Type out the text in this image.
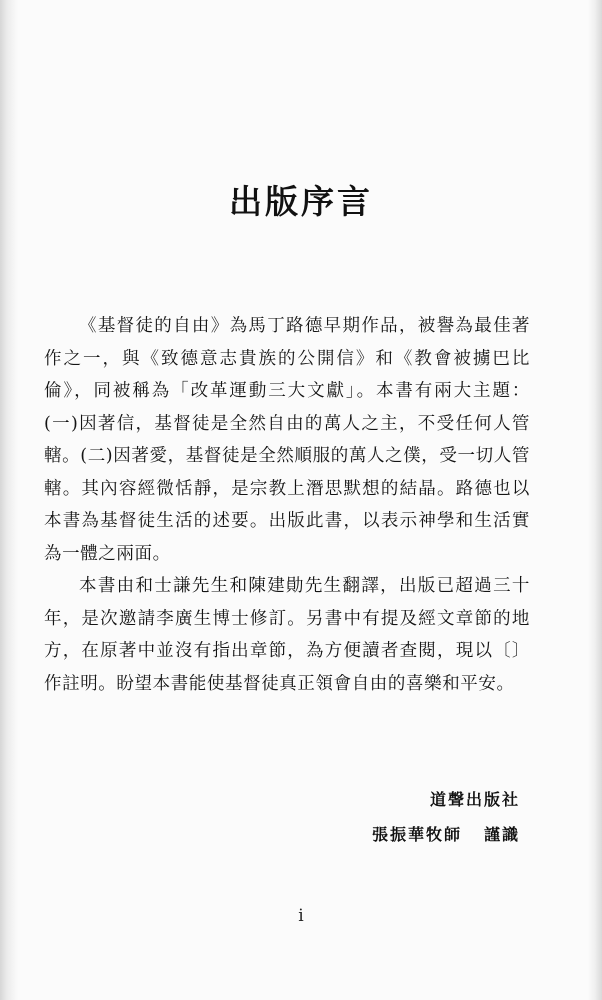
出版序言

《基督徒的自由》為馬丁路德早期作品，被譽為最佳著作之一，與《致德意志貴族的公開信》和《教會被擄巴比倫》，同被稱為「改革運動三大文獻」。本書有兩大主題：(一)因著信，基督徒是全然自由的萬人之主，不受任何人管轄。(二)因著愛，基督徒是全然順服的萬人之僕，受一切人管轄。其內容經微恬靜，是宗教上潛思默想的結晶。路德也以本書為基督徒生活的述要。出版此書，以表示神學和生活實為一體之兩面。

本書由和士謙先生和陳建勛先生翻譯，出版已超過三十年，是次邀請李廣生博士修訂。另書中有提及經文章節的地方，在原著中並沒有指出章節，為方便讀者查閱，現以〔〕作註明。盼望本書能使基督徒真正領會自由的喜樂和平安。

道聲出版社
張振華牧師 謹識
i
